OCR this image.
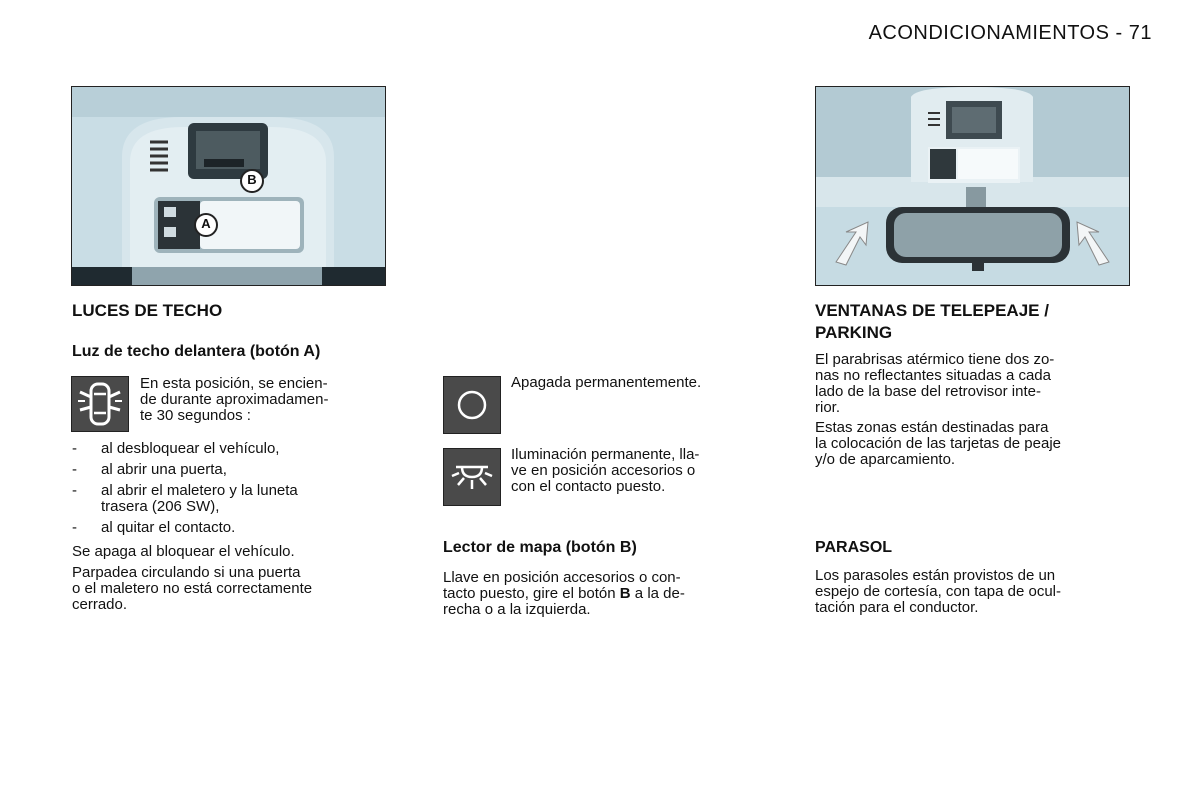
ACONDICIONAMIENTOS - 71
B
A
LUCES DE TECHO
Luz de techo delantera (botón A)
En esta posición, se encien-
de durante aproximadamen-
te 30 segundos :
- al desbloquear el vehículo,
- al abrir una puerta,
- al abrir el maletero y la luneta
trasera (206 SW),
- al quitar el contacto.
Se apaga al bloquear el vehículo.
Parpadea circulando si una puerta
o el maletero no está correctamente
cerrado.
Apagada permanentemente.
Iluminación permanente, lla-
ve en posición accesorios o
con el contacto puesto.
Lector de mapa (botón B)
Llave en posición accesorios o con-
tacto puesto, gire el botón B a la de-
recha o a la izquierda.
VENTANAS DE TELEPEAJE /
PARKING
El parabrisas atérmico tiene dos zo-
nas no reflectantes situadas a cada
lado de la base del retrovisor inte-
rior.
Estas zonas están destinadas para
la colocación de las tarjetas de peaje
y/o de aparcamiento.
PARASOL
Los parasoles están provistos de un
espejo de cortesía, con tapa de ocul-
tación para el conductor.
